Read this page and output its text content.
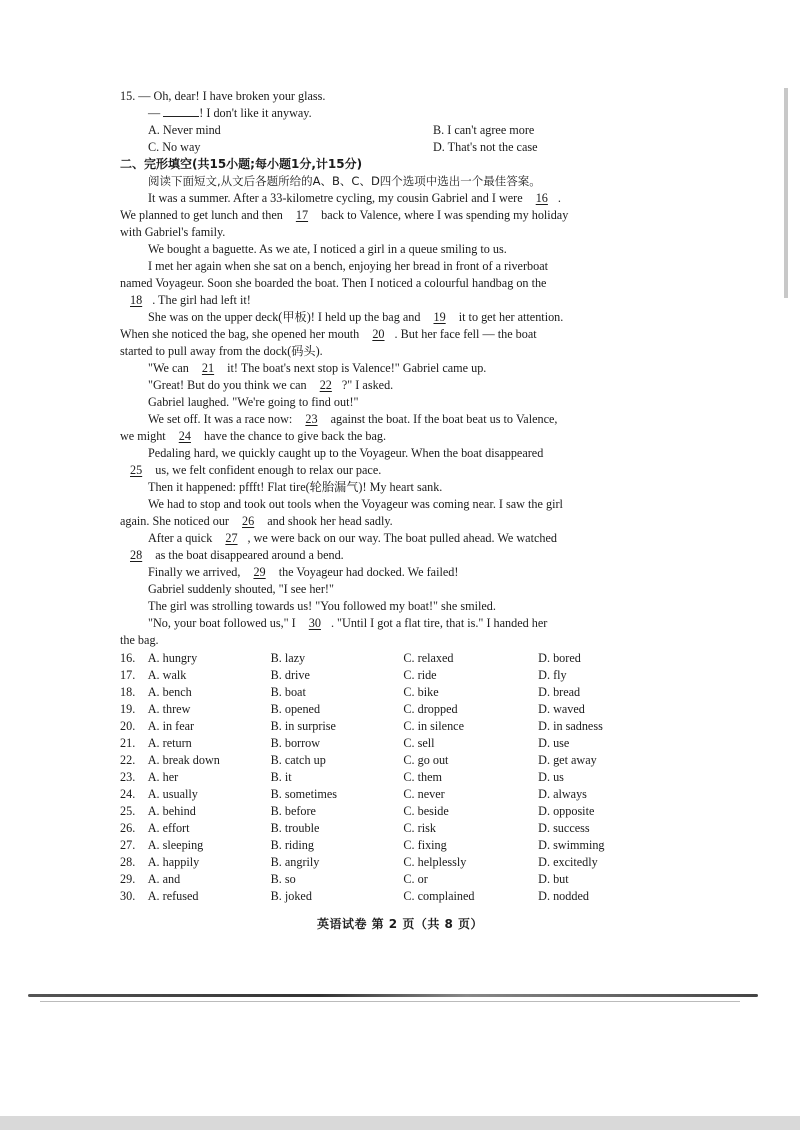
15. — Oh, dear! I have broken your glass.
—	! I don't like it anyway.
A. Never mind	B. I can't agree more
C. No way	D. That's not the case
二、完形填空(共15小题;每小题1分,计15分)
阅读下面短文,从文后各题所给的A、B、C、D四个选项中选出一个最佳答案。
It was a summer. After a 33-kilometre cycling, my cousin Gabriel and I were 16 .
We planned to get lunch and then 17 back to Valence, where I was spending my holiday
with Gabriel's family.
We bought a baguette. As we ate, I noticed a girl in a queue smiling to us.
I met her again when she sat on a bench, enjoying her bread in front of a riverboat
named Voyageur. Soon she boarded the boat. Then I noticed a colourful handbag on the
18 . The girl had left it!
She was on the upper deck(甲板)! I held up the bag and 19 it to get her attention.
When she noticed the bag, she opened her mouth 20 . But her face fell — the boat
started to pull away from the dock(码头).
"We can 21 it! The boat's next stop is Valence!" Gabriel came up.
"Great! But do you think we can 22 ?" I asked.
Gabriel laughed. "We're going to find out!"
We set off. It was a race now: 23 against the boat. If the boat beat us to Valence,
we might 24 have the chance to give back the bag.
Pedaling hard, we quickly caught up to the Voyageur. When the boat disappeared
25 us, we felt confident enough to relax our pace.
Then it happened: pffft! Flat tire(轮胎漏气)! My heart sank.
We had to stop and took out tools when the Voyageur was coming near. I saw the girl
again. She noticed our 26 and shook her head sadly.
After a quick 27 , we were back on our way. The boat pulled ahead. We watched
28 as the boat disappeared around a bend.
Finally we arrived, 29 the Voyageur had docked. We failed!
Gabriel suddenly shouted, "I see her!"
The girl was strolling towards us! "You followed my boat!" she smiled.
"No, your boat followed us," I 30 . "Until I got a flat tire, that is." I handed her
the bag.
16.	A. hungry	B. lazy	C. relaxed	D. bored
17.	A. walk	B. drive	C. ride	D. fly
18.	A. bench	B. boat	C. bike	D. bread
19.	A. threw	B. opened	C. dropped	D. waved
20.	A. in fear	B. in surprise	C. in silence	D. in sadness
21.	A. return	B. borrow	C. sell	D. use
22.	A. break down	B. catch up	C. go out	D. get away
23.	A. her	B. it	C. them	D. us
24.	A. usually	B. sometimes	C. never	D. always
25.	A. behind	B. before	C. beside	D. opposite
26.	A. effort	B. trouble	C. risk	D. success
27.	A. sleeping	B. riding	C. fixing	D. swimming
28.	A. happily	B. angrily	C. helplessly	D. excitedly
29.	A. and	B. so	C. or	D. but
30.	A. refused	B. joked	C. complained	D. nodded
英语试卷 第 2 页（共 8 页）
